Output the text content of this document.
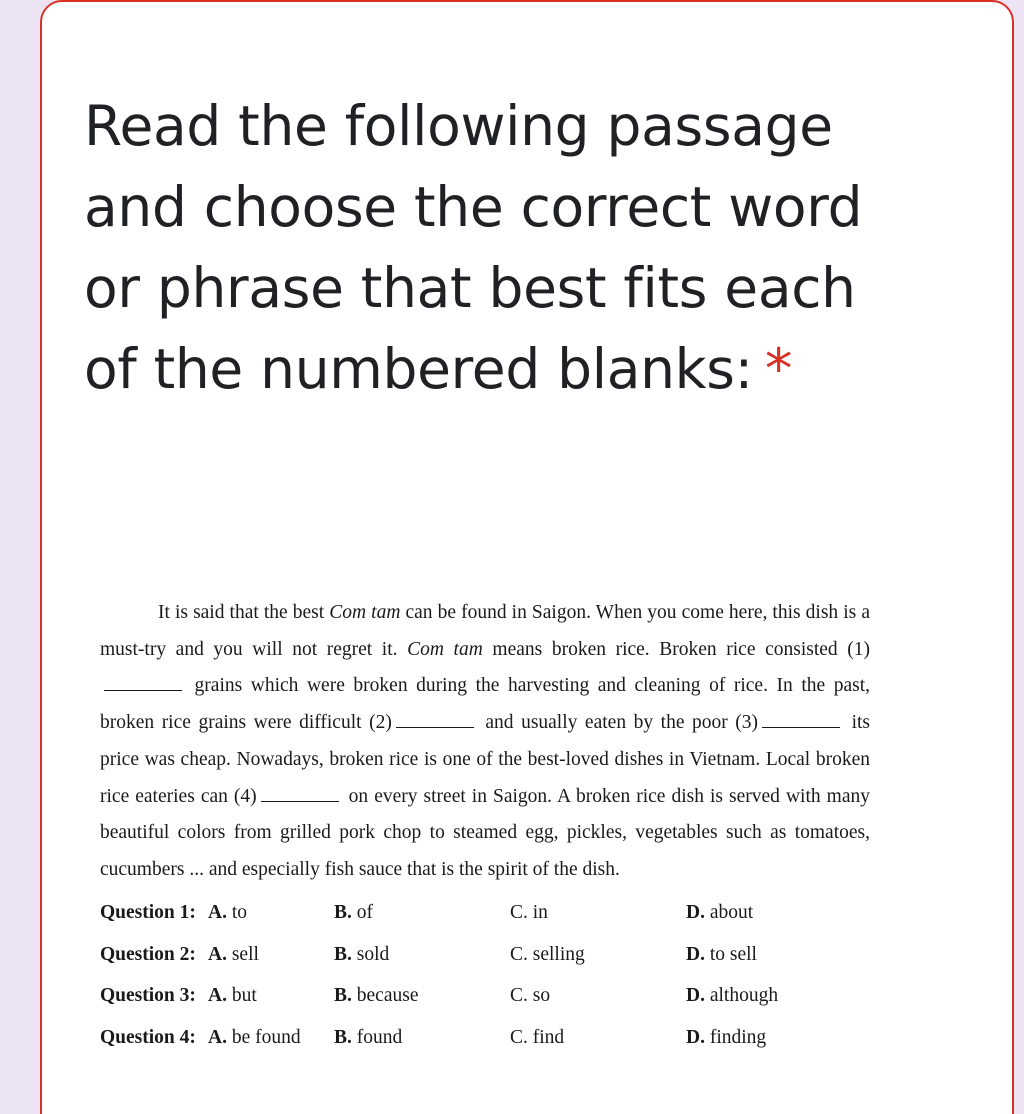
Read the following passage and choose the correct word or phrase that best fits each of the numbered blanks: *

It is said that the best Com tam can be found in Saigon. When you come here, this dish is a must-try and you will not regret it. Com tam means broken rice. Broken rice consisted (1) grains which were broken during the harvesting and cleaning of rice. In the past, broken rice grains were difficult (2)	and usually eaten by the poor (3)	its price was cheap. Nowadays, broken rice is one of the best-loved dishes in Vietnam. Local broken rice eateries can (4)	on every street in Saigon. A broken rice dish is served with many beautiful colors from grilled pork chop to steamed egg, pickles, vegetables such as tomatoes, cucumbers ... and especially fish sauce that is the spirit of the dish.

Question 1: A. to	B. of	C. in	D. about
Question 2: A. sell	B. sold	C. selling	D. to sell
Question 3: A. but	B. because	C. so	D. although
Question 4: A. be found	B. found	C. find	D. finding
